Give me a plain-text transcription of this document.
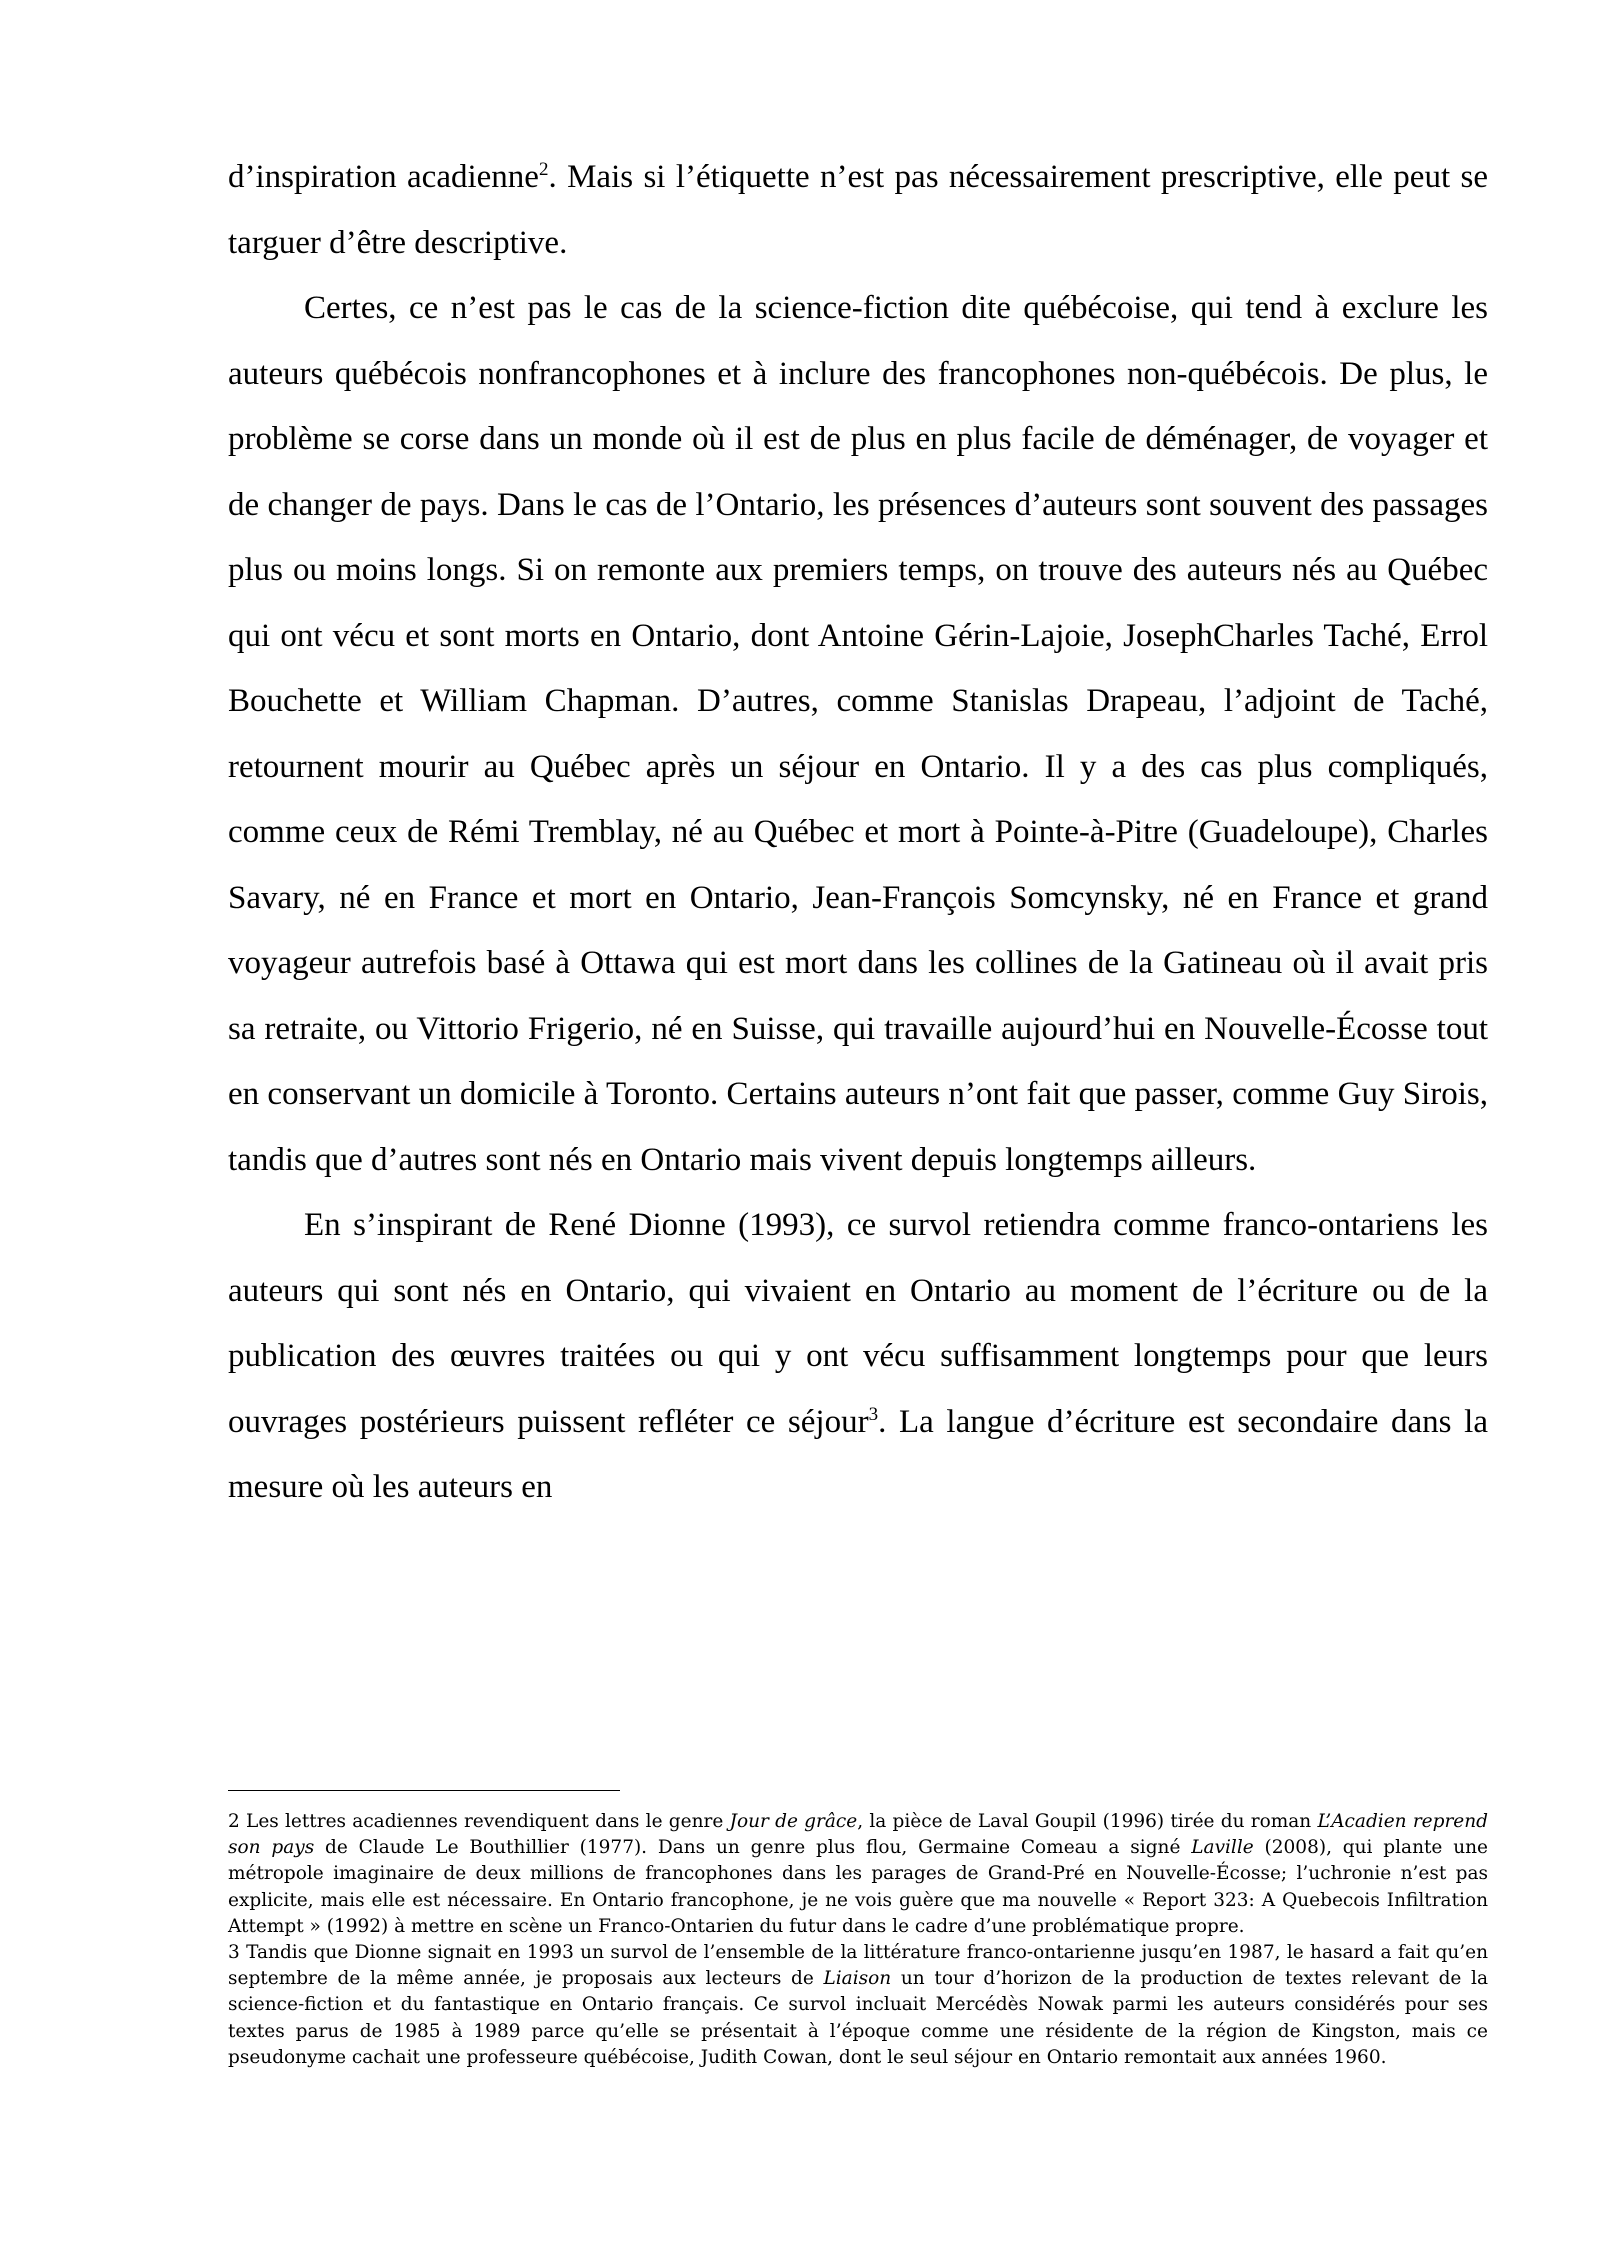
d’inspiration acadienne$^2$. Mais si l’étiquette n’est pas nécessairement prescriptive, elle peut se targuer d’être descriptive.

Certes, ce n’est pas le cas de la science-fiction dite québécoise, qui tend à exclure les auteurs québécois nonfrancophones et à inclure des francophones non-québécois. De plus, le problème se corse dans un monde où il est de plus en plus facile de déménager, de voyager et de changer de pays. Dans le cas de l’Ontario, les présences d’auteurs sont souvent des passages plus ou moins longs. Si on remonte aux premiers temps, on trouve des auteurs nés au Québec qui ont vécu et sont morts en Ontario, dont Antoine Gérin-Lajoie, JosephCharles Taché, Errol Bouchette et William Chapman. D’autres, comme Stanislas Drapeau, l’adjoint de Taché, retournent mourir au Québec après un séjour en Ontario. Il y a des cas plus compliqués, comme ceux de Rémi Tremblay, né au Québec et mort à Pointe-à-Pitre (Guadeloupe), Charles Savary, né en France et mort en Ontario, Jean-François Somcynsky, né en France et grand voyageur autrefois basé à Ottawa qui est mort dans les collines de la Gatineau où il avait pris sa retraite, ou Vittorio Frigerio, né en Suisse, qui travaille aujourd’hui en Nouvelle-Écosse tout en conservant un domicile à Toronto. Certains auteurs n’ont fait que passer, comme Guy Sirois, tandis que d’autres sont nés en Ontario mais vivent depuis longtemps ailleurs.

En s’inspirant de René Dionne (1993), ce survol retiendra comme franco-ontariens les auteurs qui sont nés en Ontario, qui vivaient en Ontario au moment de l’écriture ou de la publication des œuvres traitées ou qui y ont vécu suffisamment longtemps pour que leurs ouvrages postérieurs puissent refléter ce séjour$^3$. La langue d’écriture est secondaire dans la mesure où les auteurs en

2 Les lettres acadiennes revendiquent dans le genre Jour de grâce, la pièce de Laval Goupil (1996) tirée du roman L’Acadien reprend son pays de Claude Le Bouthillier (1977). Dans un genre plus flou, Germaine Comeau a signé Laville (2008), qui plante une métropole imaginaire de deux millions de francophones dans les parages de Grand-Pré en Nouvelle-Écosse; l’uchronie n’est pas explicite, mais elle est nécessaire. En Ontario francophone, je ne vois guère que ma nouvelle « Report 323: A Quebecois Infiltration Attempt » (1992) à mettre en scène un Franco-Ontarien du futur dans le cadre d’une problématique propre.

3 Tandis que Dionne signait en 1993 un survol de l’ensemble de la littérature franco-ontarienne jusqu’en 1987, le hasard a fait qu’en septembre de la même année, je proposais aux lecteurs de Liaison un tour d’horizon de la production de textes relevant de la science-fiction et du fantastique en Ontario français. Ce survol incluait Mercédès Nowak parmi les auteurs considérés pour ses textes parus de 1985 à 1989 parce qu’elle se présentait à l’époque comme une résidente de la région de Kingston, mais ce pseudonyme cachait une professeure québécoise, Judith Cowan, dont le seul séjour en Ontario remontait aux années 1960.
